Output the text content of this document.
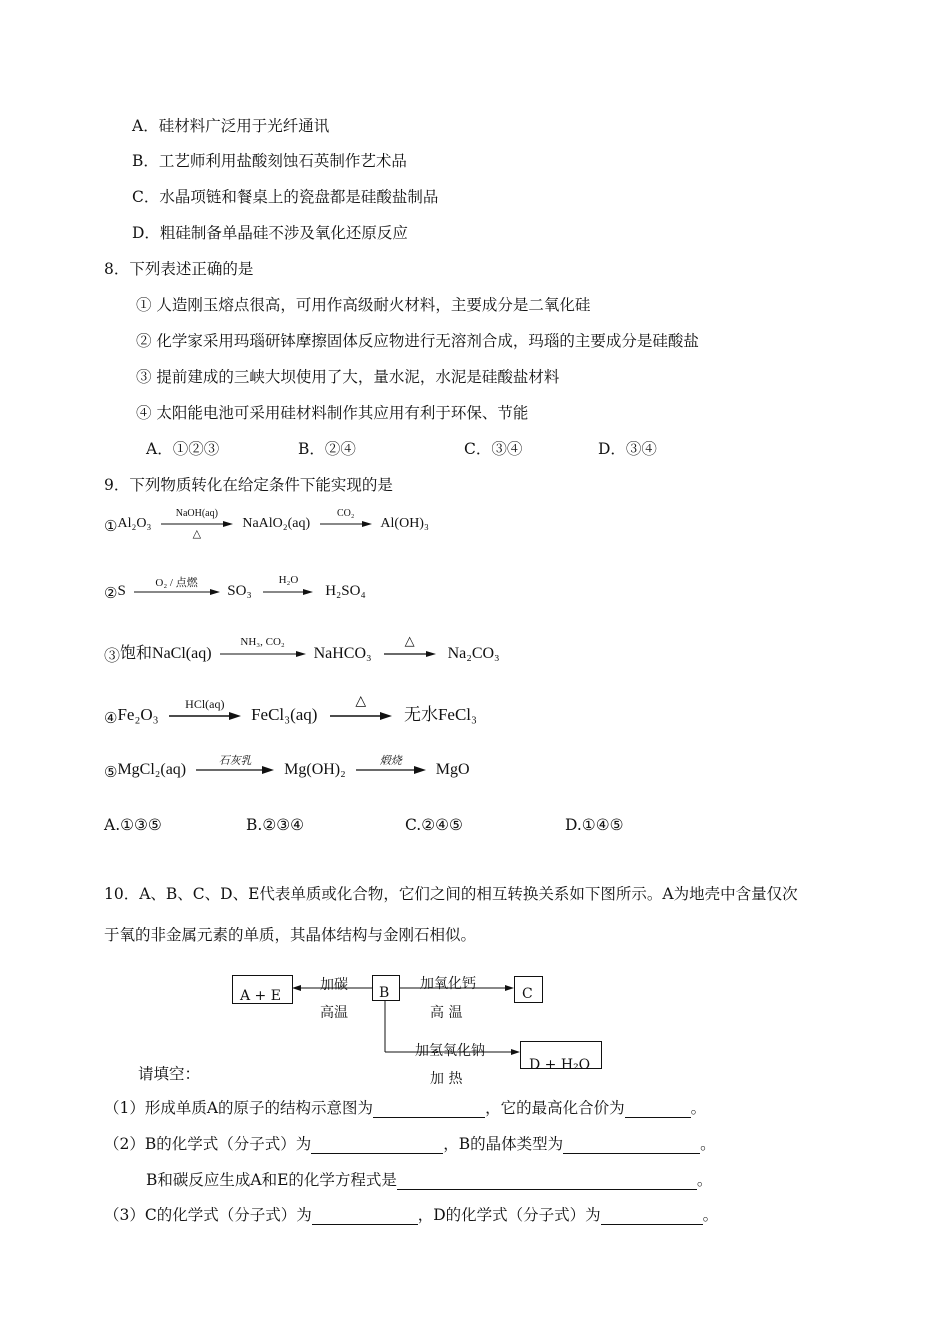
A．硅材料广泛用于光纤通讯
B．工艺师利用盐酸刻蚀石英制作艺术品
C．水晶项链和餐桌上的瓷盘都是硅酸盐制品
D．粗硅制备单晶硅不涉及氧化还原反应
8．下列表述正确的是
① 人造刚玉熔点很高，可用作高级耐火材料，主要成分是二氧化硅
② 化学家采用玛瑙研钵摩擦固体反应物进行无溶剂合成，玛瑙的主要成分是硅酸盐
③ 提前建成的三峡大坝使用了大，量水泥，水泥是硅酸盐材料
④ 太阳能电池可采用硅材料制作其应用有利于环保、节能
A．①②③	B．②④	C．③④	D．③④
9．下列物质转化在给定条件下能实现的是
①Al₂O₃
NaOH(aq)
△
NaAlO₂(aq)
CO₂
Al(OH)₃
②S
O₂ / 点燃
SO₃
H₂O
H₂SO₄
③饱和NaCl(aq)
NH₃, CO₂
NaHCO₃
△
Na₂CO₃
④Fe₂O₃
HCl(aq)
FeCl₃(aq)
△
无水FeCl₃
⑤MgCl₂(aq)	石灰乳	Mg(OH)₂	煅烧	MgO
A.①③⑤	B.②③④	C.②④⑤	D.①④⑤
10．A、B、C、D、E代表单质或化合物，它们之间的相互转换关系如下图所示。A为地壳中含量仅次
于氧的非金属元素的单质，其晶体结构与金刚石相似。
A + E	B	C
D + H₂O
加碳
高温
加氧化钙
高 温
加氢氧化钠
加 热
请填空：
（1）形成单质A的原子的结构示意图为	，它的最高化合价为	。
（2）B的化学式（分子式）为	，B的晶体类型为	。
B和碳反应生成A和E的化学方程式是	。
（3）C的化学式（分子式）为	，D的化学式（分子式）为	。
